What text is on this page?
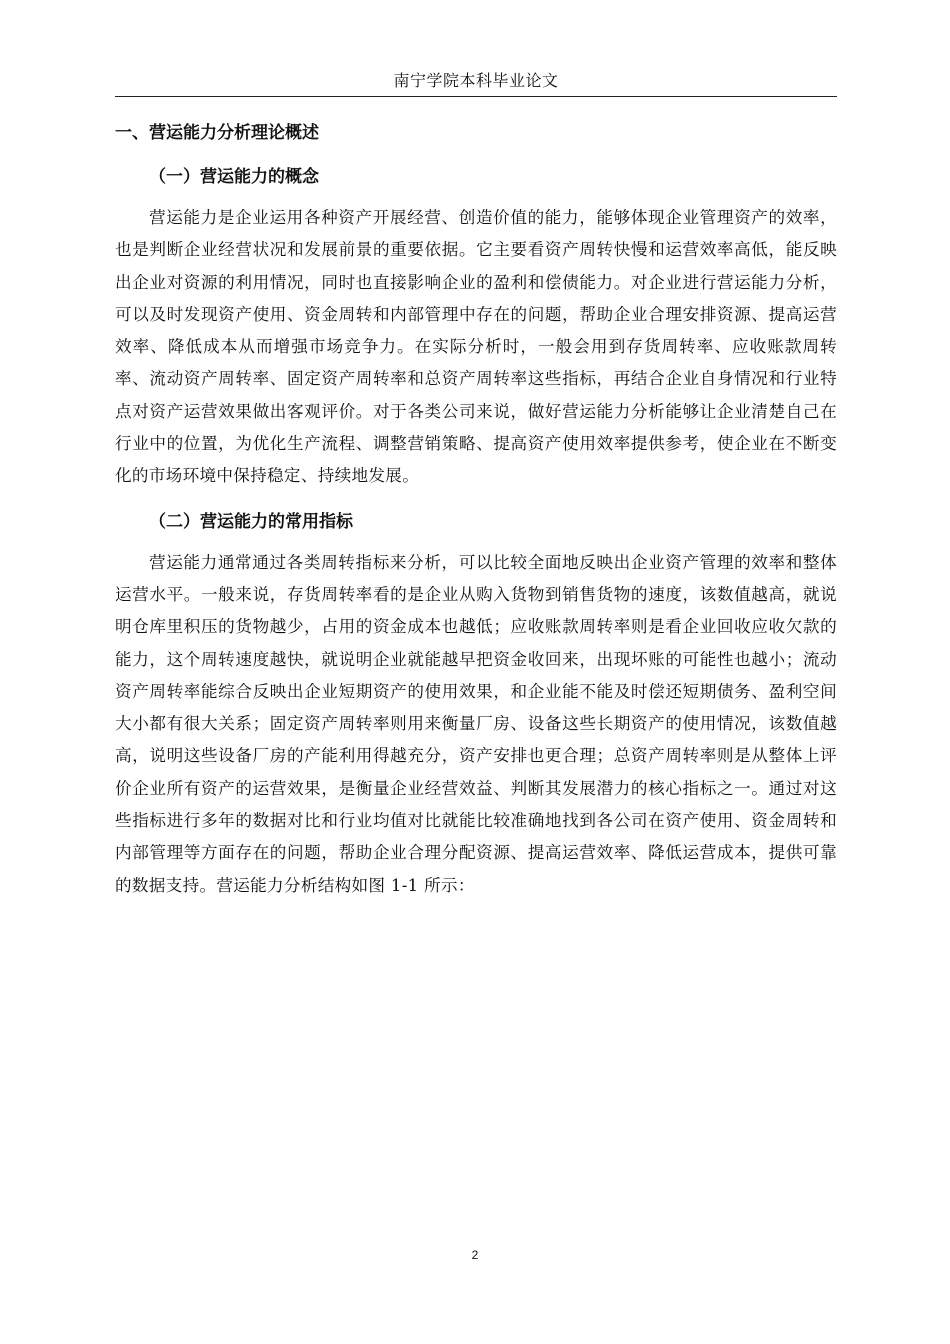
南宁学院本科毕业论文
一、营运能力分析理论概述
（一）营运能力的概念

营运能力是企业运用各种资产开展经营、创造价值的能力，能够体现企业管理资产的效率，也是判断企业经营状况和发展前景的重要依据。它主要看资产周转快慢和运营效率高低，能反映出企业对资源的利用情况，同时也直接影响企业的盈利和偿债能力。对企业进行营运能力分析，可以及时发现资产使用、资金周转和内部管理中存在的问题，帮助企业合理安排资源、提高运营效率、降低成本从而增强市场竞争力。在实际分析时，一般会用到存货周转率、应收账款周转率、流动资产周转率、固定资产周转率和总资产周转率这些指标，再结合企业自身情况和行业特点对资产运营效果做出客观评价。对于各类公司来说，做好营运能力分析能够让企业清楚自己在行业中的位置，为优化生产流程、调整营销策略、提高资产使用效率提供参考，使企业在不断变化的市场环境中保持稳定、持续地发展。

（二）营运能力的常用指标

营运能力通常通过各类周转指标来分析，可以比较全面地反映出企业资产管理的效率和整体运营水平。一般来说，存货周转率看的是企业从购入货物到销售货物的速度，该数值越高，就说明仓库里积压的货物越少，占用的资金成本也越低；应收账款周转率则是看企业回收应收欠款的能力，这个周转速度越快，就说明企业就能越早把资金收回来，出现坏账的可能性也越小；流动资产周转率能综合反映出企业短期资产的使用效果，和企业能不能及时偿还短期债务、盈利空间大小都有很大关系；固定资产周转率则用来衡量厂房、设备这些长期资产的使用情况，该数值越高，说明这些设备厂房的产能利用得越充分，资产安排也更合理；总资产周转率则是从整体上评价企业所有资产的运营效果，是衡量企业经营效益、判断其发展潜力的核心指标之一。通过对这些指标进行多年的数据对比和行业均值对比就能比较准确地找到各公司在资产使用、资金周转和内部管理等方面存在的问题，帮助企业合理分配资源、提高运营效率、降低运营成本，提供可靠的数据支持。营运能力分析结构如图 1-1 所示：

2
